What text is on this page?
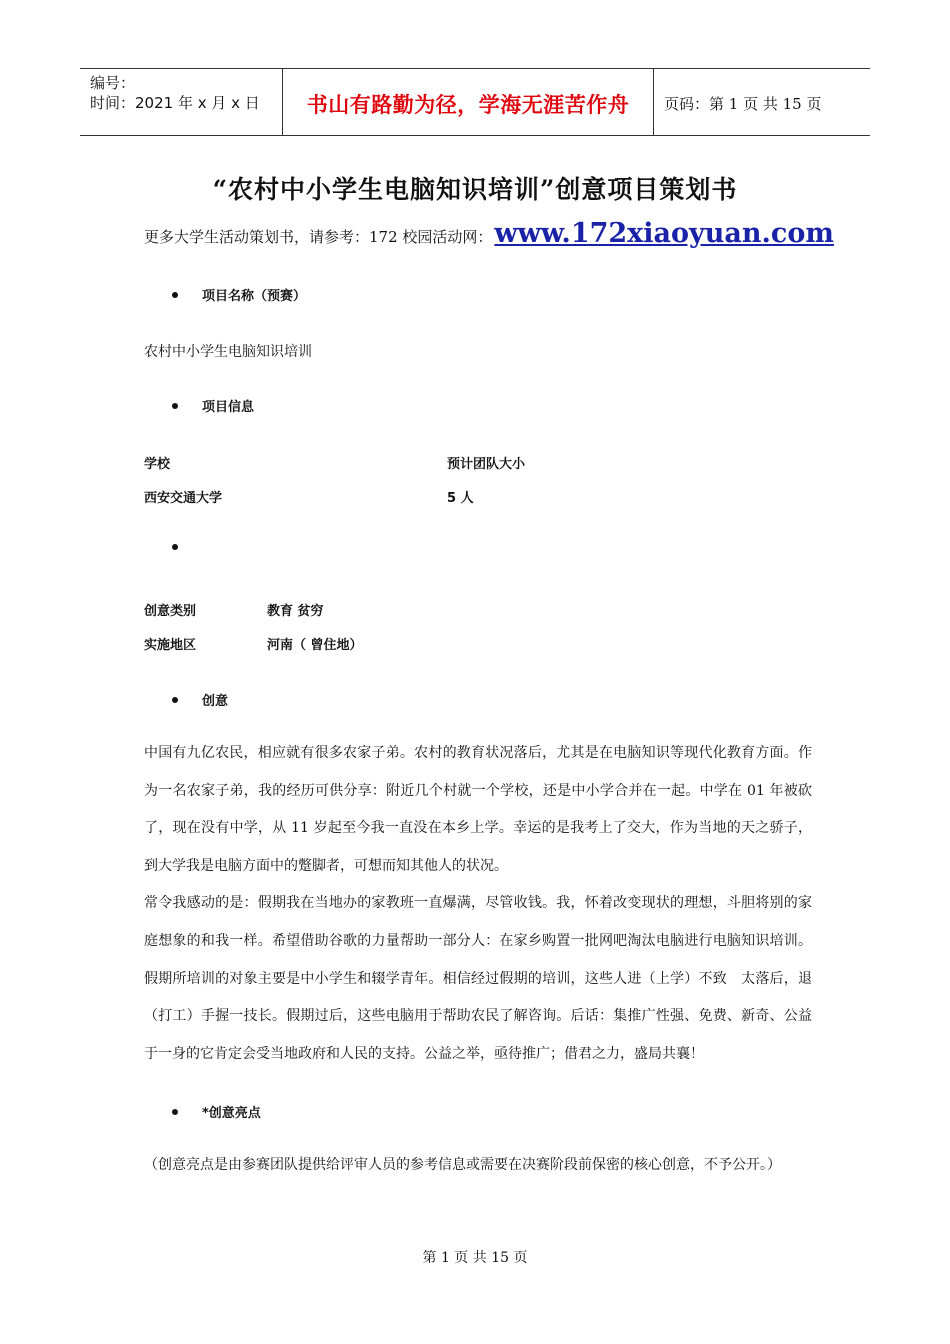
编号：
时间：2021 年 x 月 x 日	书山有路勤为径，学海无涯苦作舟	页码：第 1 页 共 15 页
“农村中小学生电脑知识培训”创意项目策划书
更多大学生活动策划书，请参考：172 校园活动网： www.172xiaoyuan.com
项目名称（预赛）
农村中小学生电脑知识培训
项目信息
学校	预计团队大小
西安交通大学	5 人
创意类别	教育 贫穷
实施地区	河南（ 曾住地）
创意

中国有九亿农民，相应就有很多农家子弟。农村的教育状况落后，尤其是在电脑知识等现代化教育方面。作为一名农家子弟，我的经历可供分享：附近几个村就一个学校，还是中小学合并在一起。中学在 01 年被砍了，现在没有中学，从 11 岁起至今我一直没在本乡上学。幸运的是我考上了交大，作为当地的天之骄子，到大学我是电脑方面中的蹩脚者，可想而知其他人的状况。

常令我感动的是：假期我在当地办的家教班一直爆满，尽管收钱。我，怀着改变现状的理想，斗胆将别的家庭想象的和我一样。希望借助谷歌的力量帮助一部分人：在家乡购置一批网吧淘汰电脑进行电脑知识培训。假期所培训的对象主要是中小学生和辍学青年。相信经过假期的培训，这些人进（上学）不致　太落后，退（打工）手握一技长。假期过后，这些电脑用于帮助农民了解咨询。后话：集推广性强、免费、新奇、公益于一身的它肯定会受当地政府和人民的支持。公益之举，亟待推广；借君之力，盛局共襄！

*创意亮点
（创意亮点是由参赛团队提供给评审人员的参考信息或需要在决赛阶段前保密的核心创意，不予公开。）
第 1 页 共 15 页
